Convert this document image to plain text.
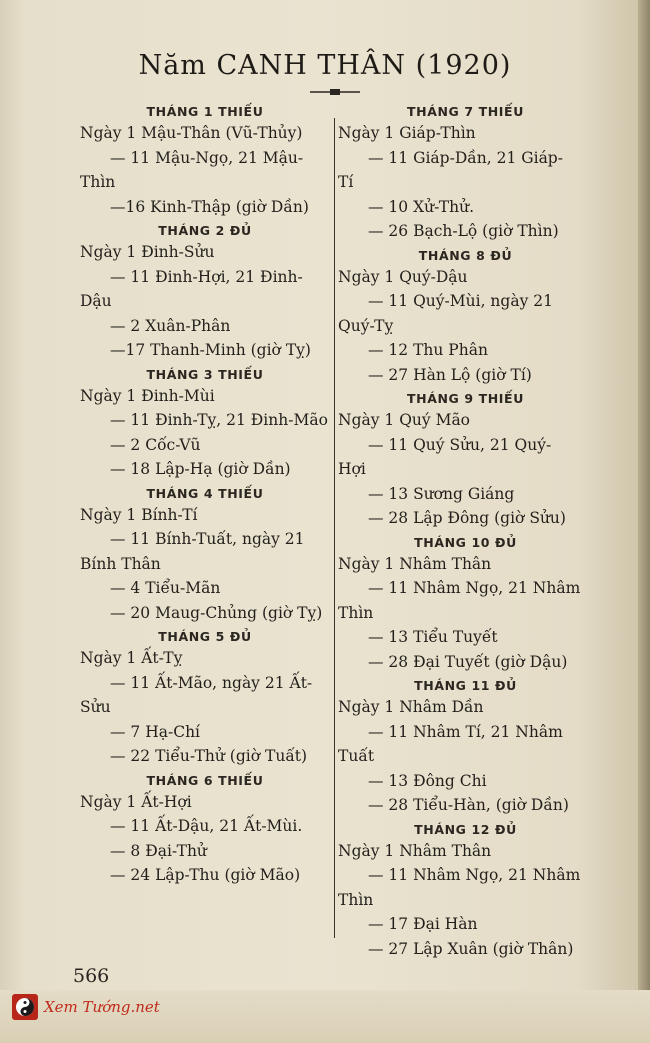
Năm CANH THÂN (1920)
THÁNG 1 THIẾU
Ngày 1 Mậu-Thân (Vũ-Thủy)
— 11 Mậu-Ngọ, 21 Mậu-
Thìn
—16 Kinh-Thập (giờ Dần)
THÁNG 2 ĐỦ
Ngày 1 Đinh-Sửu
— 11 Đinh-Hợi, 21 Đinh-
Dậu
— 2 Xuân-Phân
—17 Thanh-Minh (giờ Tỵ)
THÁNG 3 THIẾU
Ngày 1 Đinh-Mùi
— 11 Đinh-Tỵ, 21 Đinh-Mão
— 2 Cốc-Vũ
— 18 Lập-Hạ (giờ Dần)
THÁNG 4 THIẾU
Ngày 1 Bính-Tí
— 11 Bính-Tuất, ngày 21
Bính Thân
— 4 Tiểu-Mãn
— 20 Maug-Chủng (giờ Tỵ)
THÁNG 5 ĐỦ
Ngày 1 Ất-Tỵ
— 11 Ất-Mão, ngày 21 Ất-
Sửu
— 7 Hạ-Chí
— 22 Tiểu-Thử (giờ Tuất)
THÁNG 6 THIẾU
Ngày 1 Ất-Hợi
— 11 Ất-Dậu, 21 Ất-Mùi.
— 8 Đại-Thử
— 24 Lập-Thu (giờ Mão)
THÁNG 7 THIẾU
Ngày 1 Giáp-Thìn
— 11 Giáp-Dần, 21 Giáp-
Tí
— 10 Xử-Thử.
— 26 Bạch-Lộ (giờ Thìn)
THÁNG 8 ĐỦ
Ngày 1 Quý-Dậu
— 11 Quý-Mùi, ngày 21
Quý-Tỵ
— 12 Thu Phân
— 27 Hàn Lộ (giờ Tí)
THÁNG 9 THIẾU
Ngày 1 Quý Mão
— 11 Quý Sửu, 21 Quý-
Hợi
— 13 Sương Giáng
— 28 Lập Đông (giờ Sửu)
THÁNG 10 ĐỦ
Ngày 1 Nhâm Thân
— 11 Nhâm Ngọ, 21 Nhâm
Thìn
— 13 Tiểu Tuyết
— 28 Đại Tuyết (giờ Dậu)
THÁNG 11 ĐỦ
Ngày 1 Nhâm Dần
— 11 Nhâm Tí, 21 Nhâm
Tuất
— 13 Đông Chi
— 28 Tiểu-Hàn, (giờ Dần)
THÁNG 12 ĐỦ
Ngày 1 Nhâm Thân
— 11 Nhâm Ngọ, 21 Nhâm
Thìn
— 17 Đại Hàn
— 27 Lập Xuân (giờ Thân)
566
Xem Tướng.net
